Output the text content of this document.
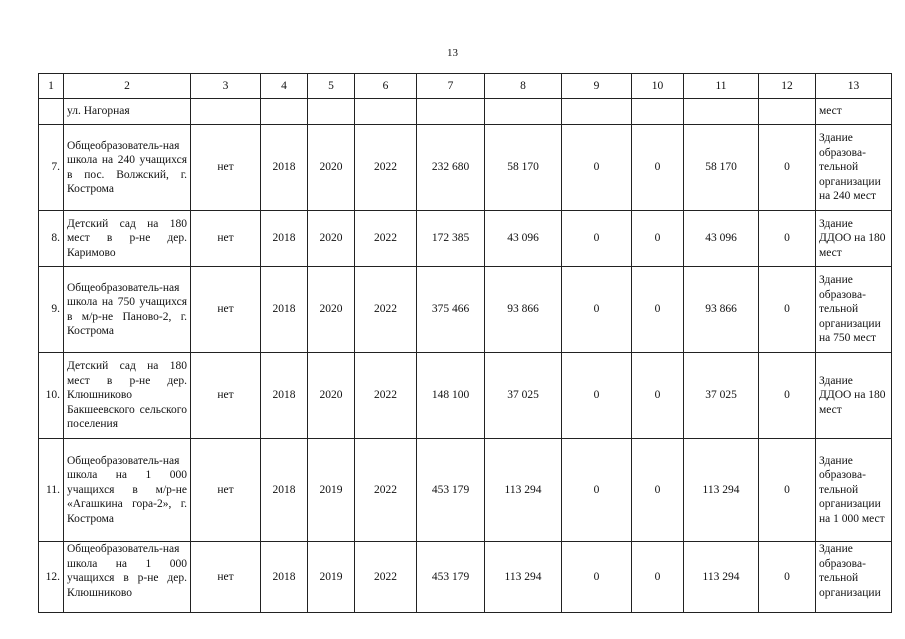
13
1	2	3	4	5	6	7	8	9	10	11	12	13
	ул. Нагорная											мест
7.	Общеобразователь-ная школа на 240 учащихся в пос. Волжский, г. Кострома	нет	2018	2020	2022	232 680	58 170	0	0	58 170	0	Здание образова-тельной организации на 240 мест
8.	Детский сад на 180 мест в р-не дер. Каримово	нет	2018	2020	2022	172 385	43 096	0	0	43 096	0	Здание ДДОО на 180 мест
9.	Общеобразователь-ная школа на 750 учащихся в м/р-не Паново-2, г. Кострома	нет	2018	2020	2022	375 466	93 866	0	0	93 866	0	Здание образова-тельной организации на 750 мест
10.	Детский сад на 180 мест в р-не дер. Клюшниково Бакшеевского сельского поселения	нет	2018	2020	2022	148 100	37 025	0	0	37 025	0	Здание ДДОО на 180 мест
11.	Общеобразователь-ная школа на 1 000 учащихся в м/р-не «Агашкина гора-2», г. Кострома	нет	2018	2019	2022	453 179	113 294	0	0	113 294	0	Здание образова-тельной организации на 1 000 мест
12.	Общеобразователь-ная школа на 1 000 учащихся в р-не дер. Клюшниково	нет	2018	2019	2022	453 179	113 294	0	0	113 294	0	Здание образова-тельной организации
